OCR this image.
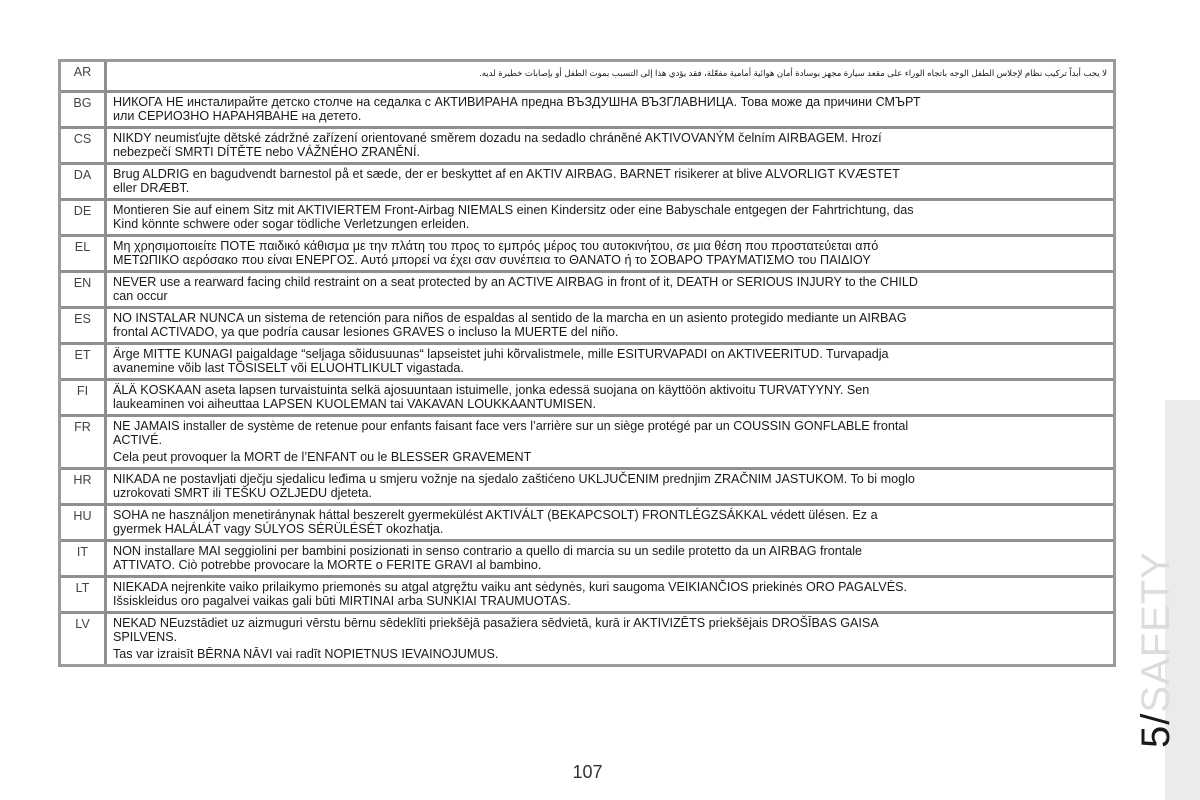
AR	لا يجب أبداً تركيب نظام لإجلاس الطفل الوجه باتجاه الوراء على مقعد سيارة مجهز بوسادة أمان هوائية أمامية مفعّلة، فقد يؤدي هذا إلى التسبب بموت الطفل أو بإصابات خطيرة لديه.
BG	НИКОГА НЕ инсталирайте детско столче на седалка с АКТИВИРАНА предна ВЪЗДУШНА ВЪЗГЛАВНИЦА. Това може да причини СМЪРТ
или СЕРИОЗНО НАРАНЯВАНЕ на детето.

CS	NIKDY neumisťujte dětské zádržné zařízení orientované směrem dozadu na sedadlo chráněné AKTIVOVANÝM čelním AIRBAGEM. Hrozí
nebezpečí SMRTI DÍTĚTE nebo VÁŽNÉHO ZRANĚNÍ.

DA	Brug ALDRIG en bagudvendt barnestol på et sæde, der er beskyttet af en AKTIV AIRBAG. BARNET risikerer at blive ALVORLIGT KVÆSTET
eller DRÆBT.

DE	Montieren Sie auf einem Sitz mit AKTIVIERTEM Front-Airbag NIEMALS einen Kindersitz oder eine Babyschale entgegen der Fahrtrichtung, das
Kind könnte schwere oder sogar tödliche Verletzungen erleiden.

EL	Μη χρησιμοποιείτε ΠΟΤΕ παιδικό κάθισμα με την πλάτη του προς το εμπρός μέρος του αυτοκινήτου, σε μια θέση που προστατεύεται από
ΜΕΤΩΠΙΚΟ αερόσακο που είναι ΕΝΕΡΓΟΣ. Αυτό μπορεί να έχει σαν συνέπεια το ΘΑΝΑΤΟ ή το ΣΟΒΑΡΟ ΤΡΑΥΜΑΤΙΣΜΟ του ΠΑΙΔΙΟΥ

EN	NEVER use a rearward facing child restraint on a seat protected by an ACTIVE AIRBAG in front of it, DEATH or SERIOUS INJURY to the CHILD
can occur

ES	NO INSTALAR NUNCA un sistema de retención para niños de espaldas al sentido de la marcha en un asiento protegido mediante un AIRBAG
frontal ACTIVADO, ya que podría causar lesiones GRAVES o incluso la MUERTE del niño.

ET	Ärge MITTE KUNAGI paigaldage “seljaga sõidusuunas“ lapseistet juhi kõrvalistmele, mille ESITURVAPADI on AKTIVEERITUD. Turvapadja
avanemine võib last TÕSISELT või ELUOHTLIKULT vigastada.

FI	ÄLÄ KOSKAAN aseta lapsen turvaistuinta selkä ajosuuntaan istuimelle, jonka edessä suojana on käyttöön aktivoitu TURVATYYNY. Sen
laukeaminen voi aiheuttaa LAPSEN KUOLEMAN tai VAKAVAN LOUKKAANTUMISEN.

FR	NE JAMAIS installer de système de retenue pour enfants faisant face vers l’arrière sur un siège protégé par un COUSSIN GONFLABLE frontal
ACTIVÉ.
Cela peut provoquer la MORT de l’ENFANT ou le BLESSER GRAVEMENT

HR	NIKADA ne postavljati dječju sjedalicu leđima u smjeru vožnje na sjedalo zaštićeno UKLJUČENIM prednjim ZRAČNIM JASTUKOM. To bi moglo
uzrokovati SMRT ili TEŠKU OZLJEDU djeteta.

HU	SOHA ne használjon menetiránynak háttal beszerelt gyermekülést AKTIVÁLT (BEKAPCSOLT) FRONTLÉGZSÁKKAL védett ülésen. Ez a
gyermek HALÁLÁT vagy SÚLYOS SÉRÜLÉSÉT okozhatja.

IT	NON installare MAI seggiolini per bambini posizionati in senso contrario a quello di marcia su un sedile protetto da un AIRBAG frontale
ATTIVATO. Ciò potrebbe provocare la MORTE o FERITE GRAVI al bambino.

LT	NIEKADA nejrenkite vaiko prilaikymo priemonės su atgal atgręžtu vaiku ant sėdynės, kuri saugoma VEIKIANČIOS priekinės ORO PAGALVĖS.
Išsiskleidus oro pagalvei vaikas gali būti MIRTINAI arba SUNKIAI TRAUMUOTAS.

LV	NEKAD NEuzstādiet uz aizmuguri vērstu bērnu sēdeklīti priekšējā pasažiera sēdvietā, kurā ir AKTIVIZĒTS priekšējais DROŠĪBAS GAISA
SPILVENS.
Tas var izraisīt BĒRNA NĀVI vai radīt NOPIETNUS IEVAINOJUMUS.
107
5/SAFETY
